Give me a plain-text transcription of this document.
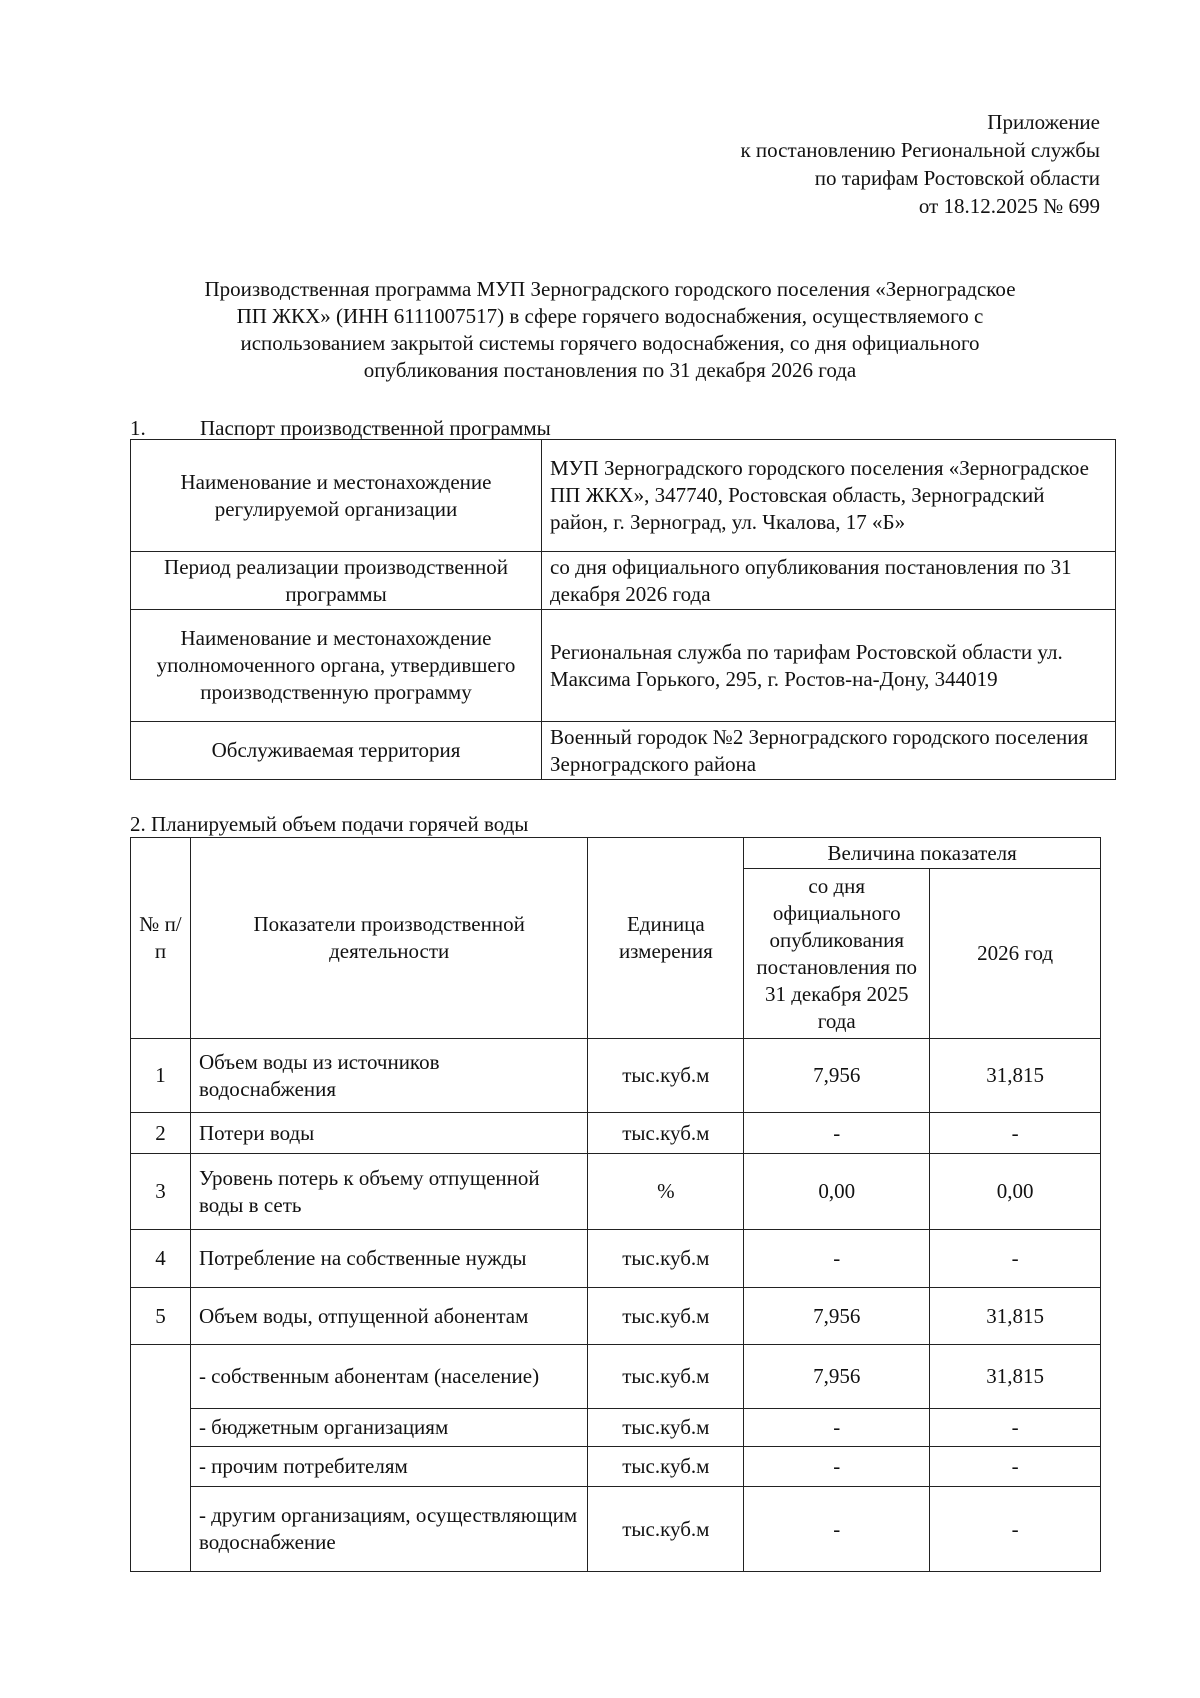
Приложение
к постановлению Региональной службы
по тарифам Ростовской области
от 18.12.2025 № 699
Производственная программа МУП Зерноградского городского поселения «Зерноградское
ПП ЖКХ» (ИНН 6111007517) в сфере горячего водоснабжения, осуществляемого с
использованием закрытой системы горячего водоснабжения, со дня официального
опубликования постановления по 31 декабря 2026 года
1.	Паспорт производственной программы
Наименование и местонахождение регулируемой организации	МУП Зерноградского городского поселения «Зерноградское ПП ЖКХ», 347740, Ростовская область, Зерноградский район, г. Зерноград, ул. Чкалова, 17 «Б»
Период реализации производственной программы	со дня официального опубликования постановления по 31 декабря 2026 года
Наименование и местонахождение уполномоченного органа, утвердившего производственную программу	Региональная служба по тарифам Ростовской области ул. Максима Горького, 295, г. Ростов-на-Дону, 344019
Обслуживаемая территория	Военный городок №2 Зерноградского городского поселения Зерноградского района
2. Планируемый объем подачи горячей воды
№ п/ п	Показатели производственной деятельности	Единица измерения	Величина показателя	
			со дня официального опубликования постановления по 31 декабря 2025 года	2026 год
1	Объем воды из источников водоснабжения	тыс.куб.м	7,956	31,815
2	Потери воды	тыс.куб.м	-	-
3	Уровень потерь к объему отпущенной воды в сеть	%	0,00	0,00
4	Потребление на собственные нужды	тыс.куб.м	-	-
5	Объем воды, отпущенной абонентам	тыс.куб.м	7,956	31,815
	- собственным абонентам (население)	тыс.куб.м	7,956	31,815
	- бюджетным организациям	тыс.куб.м	-	-
	- прочим потребителям	тыс.куб.м	-	-
	- другим организациям, осуществляющим водоснабжение	тыс.куб.м	-	-
